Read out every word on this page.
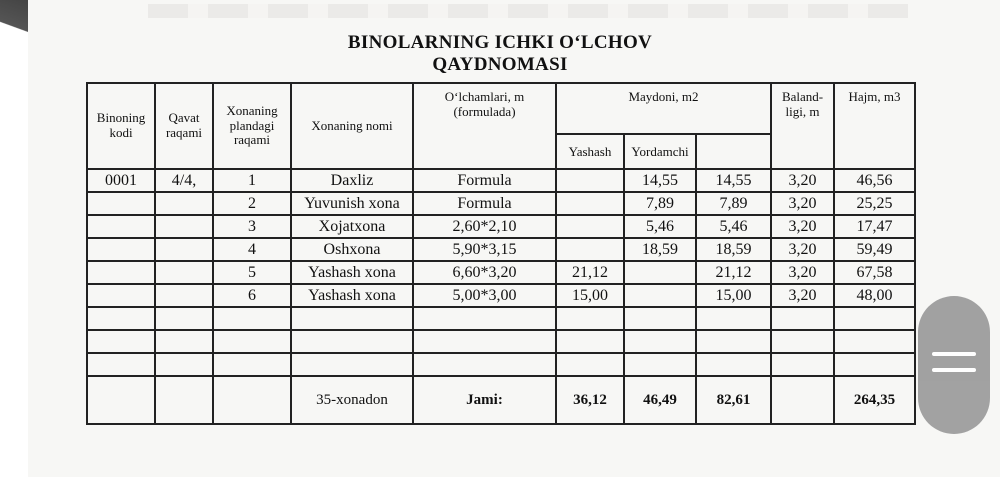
BINOLARNING ICHKI O‘LCHOV
QAYDNOMASI
Binoning kodi	Qavat raqami	Xonaning plandagi raqami	Xonaning nomi	O‘lchamlari, m (formulada)	Maydoni, m2			Baland-ligi, m	Hajm, m3
					Yashash	Yordamchi			
0001	4/4,	1	Daxliz	Formula		14,55	14,55	3,20	46,56
		2	Yuvunish xona	Formula		7,89	7,89	3,20	25,25
		3	Xojatxona	2,60*2,10		5,46	5,46	3,20	17,47
		4	Oshxona	5,90*3,15		18,59	18,59	3,20	59,49
		5	Yashash xona	6,60*3,20	21,12		21,12	3,20	67,58
		6	Yashash xona	5,00*3,00	15,00		15,00	3,20	48,00

			35-xonadon	Jami:	36,12	46,49	82,61		264,35
